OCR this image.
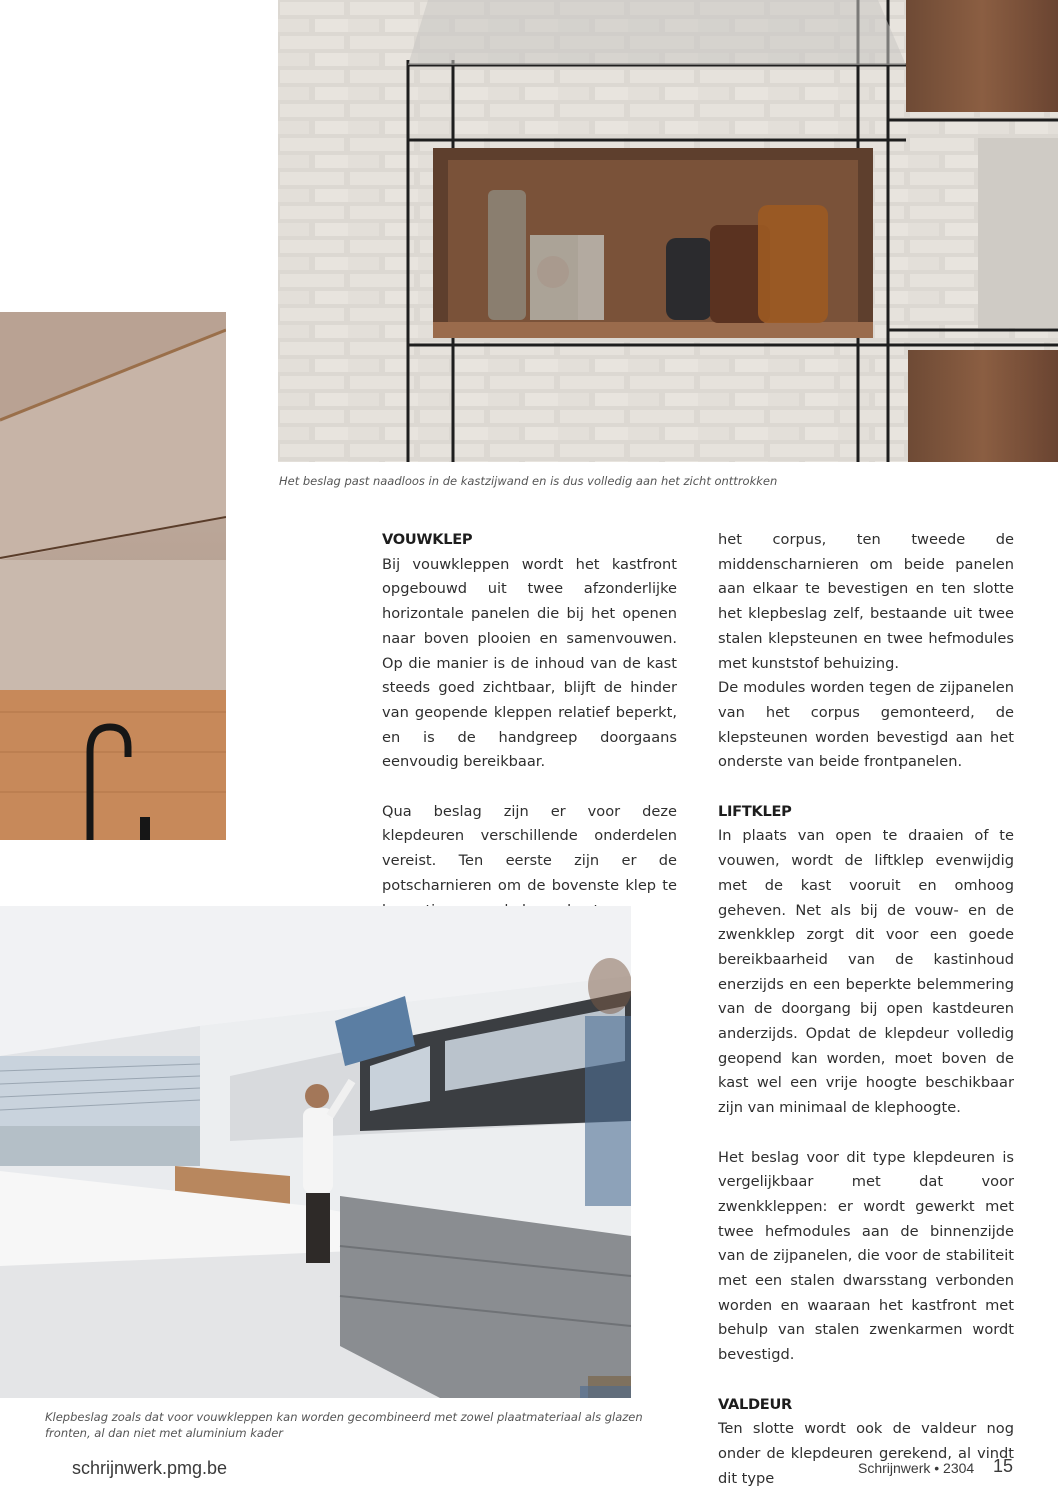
Het beslag past naadloos in de kastzijwand en is dus volledig aan het zicht onttrokken
VOUWKLEP

Bij vouwkleppen wordt het kastfront opgebouwd uit twee afzonderlijke horizontale panelen die bij het openen naar boven plooien en samenvouwen. Op die manier is de inhoud van de kast steeds goed zichtbaar, blijft de hinder van geopende kleppen relatief beperkt, en is de handgreep doorgaans eenvoudig bereikbaar.

Qua beslag zijn er voor deze klepdeuren verschillende onderdelen vereist. Ten eerste zijn er de potscharnieren om de bovenste klep te

het corpus, ten tweede de middenscharnieren om beide panelen aan elkaar te bevestigen en ten slotte het klepbeslag zelf, bestaande uit twee stalen klepsteunen en twee hefmodules met kunststof behuizing.

De modules worden tegen de zijpanelen van het corpus gemonteerd, de klepsteunen worden bevestigd aan het onderste van beide frontpanelen.

LIFTKLEP

In plaats van open te draaien of te vouwen, wordt de liftklep evenwijdig met de kast vooruit en omhoog geheven. Net als bij de vouw- en de zwenkklep zorgt dit voor een goede bereikbaarheid van de kastinhoud enerzijds en een beperkte belemmering van de doorgang bij open kastdeuren anderzijds. Opdat de klepdeur volledig geopend kan worden, moet boven de kast wel een vrije hoogte beschikbaar zijn van minimaal de klephoogte.

Het beslag voor dit type klepdeuren is vergelijkbaar met dat voor zwenkkleppen: er wordt gewerkt met twee hefmodules aan de binnenzijde van de zijpanelen, die voor de stabiliteit met een stalen dwarsstang verbonden worden en waaraan het kastfront met behulp van stalen zwenkarmen wordt bevestigd.

VALDEUR

Ten slotte wordt ook de valdeur nog onder de klepdeuren gerekend, al vindt dit type

Klepbeslag zoals dat voor vouwkleppen kan worden gecombineerd met zowel plaatmateriaal als glazen fronten, al dan niet met aluminium kader
schrijnwerk.pmg.be	Schrijnwerk • 2304 15
